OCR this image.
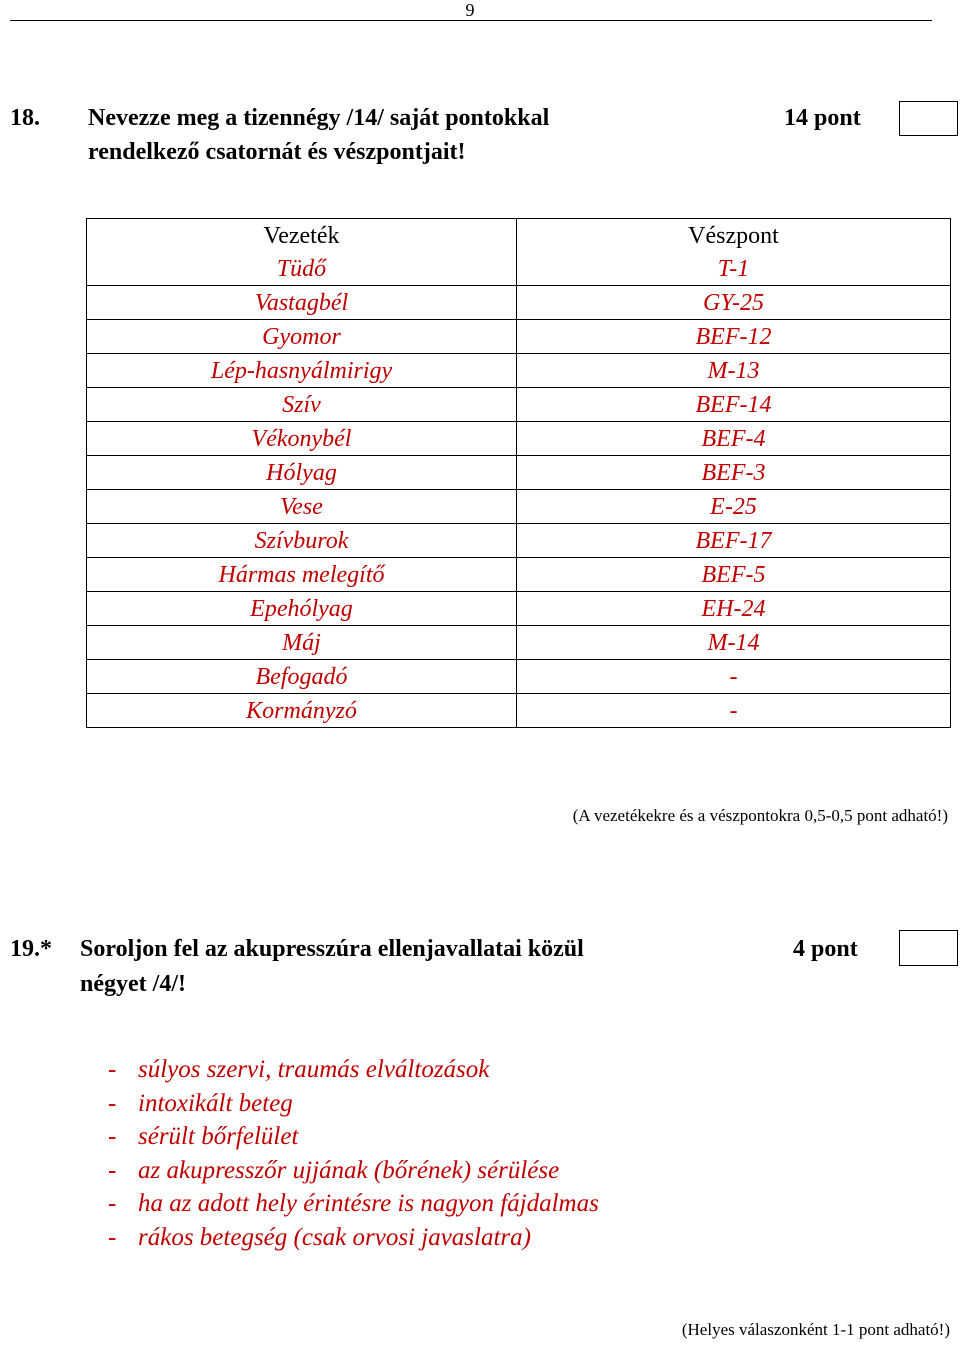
9
18. Nevezze meg a tizennégy /14/ saját pontokkal
rendelkező csatornát és vészpontjait!
14 pont
Vezeték	Vészpont
Tüdő	T-1
Vastagbél	GY-25
Gyomor	BEF-12
Lép-hasnyálmirigy	M-13
Szív	BEF-14
Vékonybél	BEF-4
Hólyag	BEF-3
Vese	E-25
Szívburok	BEF-17
Hármas melegítő	BEF-5
Epehólyag	EH-24
Máj	M-14
Befogadó	-
Kormányzó	-
(A vezetékekre és a vészpontokra 0,5-0,5 pont adható!)
19.* Soroljon fel az akupresszúra ellenjavallatai közül
négyet /4/!
4 pont
- súlyos szervi, traumás elváltozások
- intoxikált beteg
- sérült bőrfelület
- az akupresszőr ujjának (bőrének) sérülése
- ha az adott hely érintésre is nagyon fájdalmas
- rákos betegség (csak orvosi javaslatra)
(Helyes válaszonként 1-1 pont adható!)
